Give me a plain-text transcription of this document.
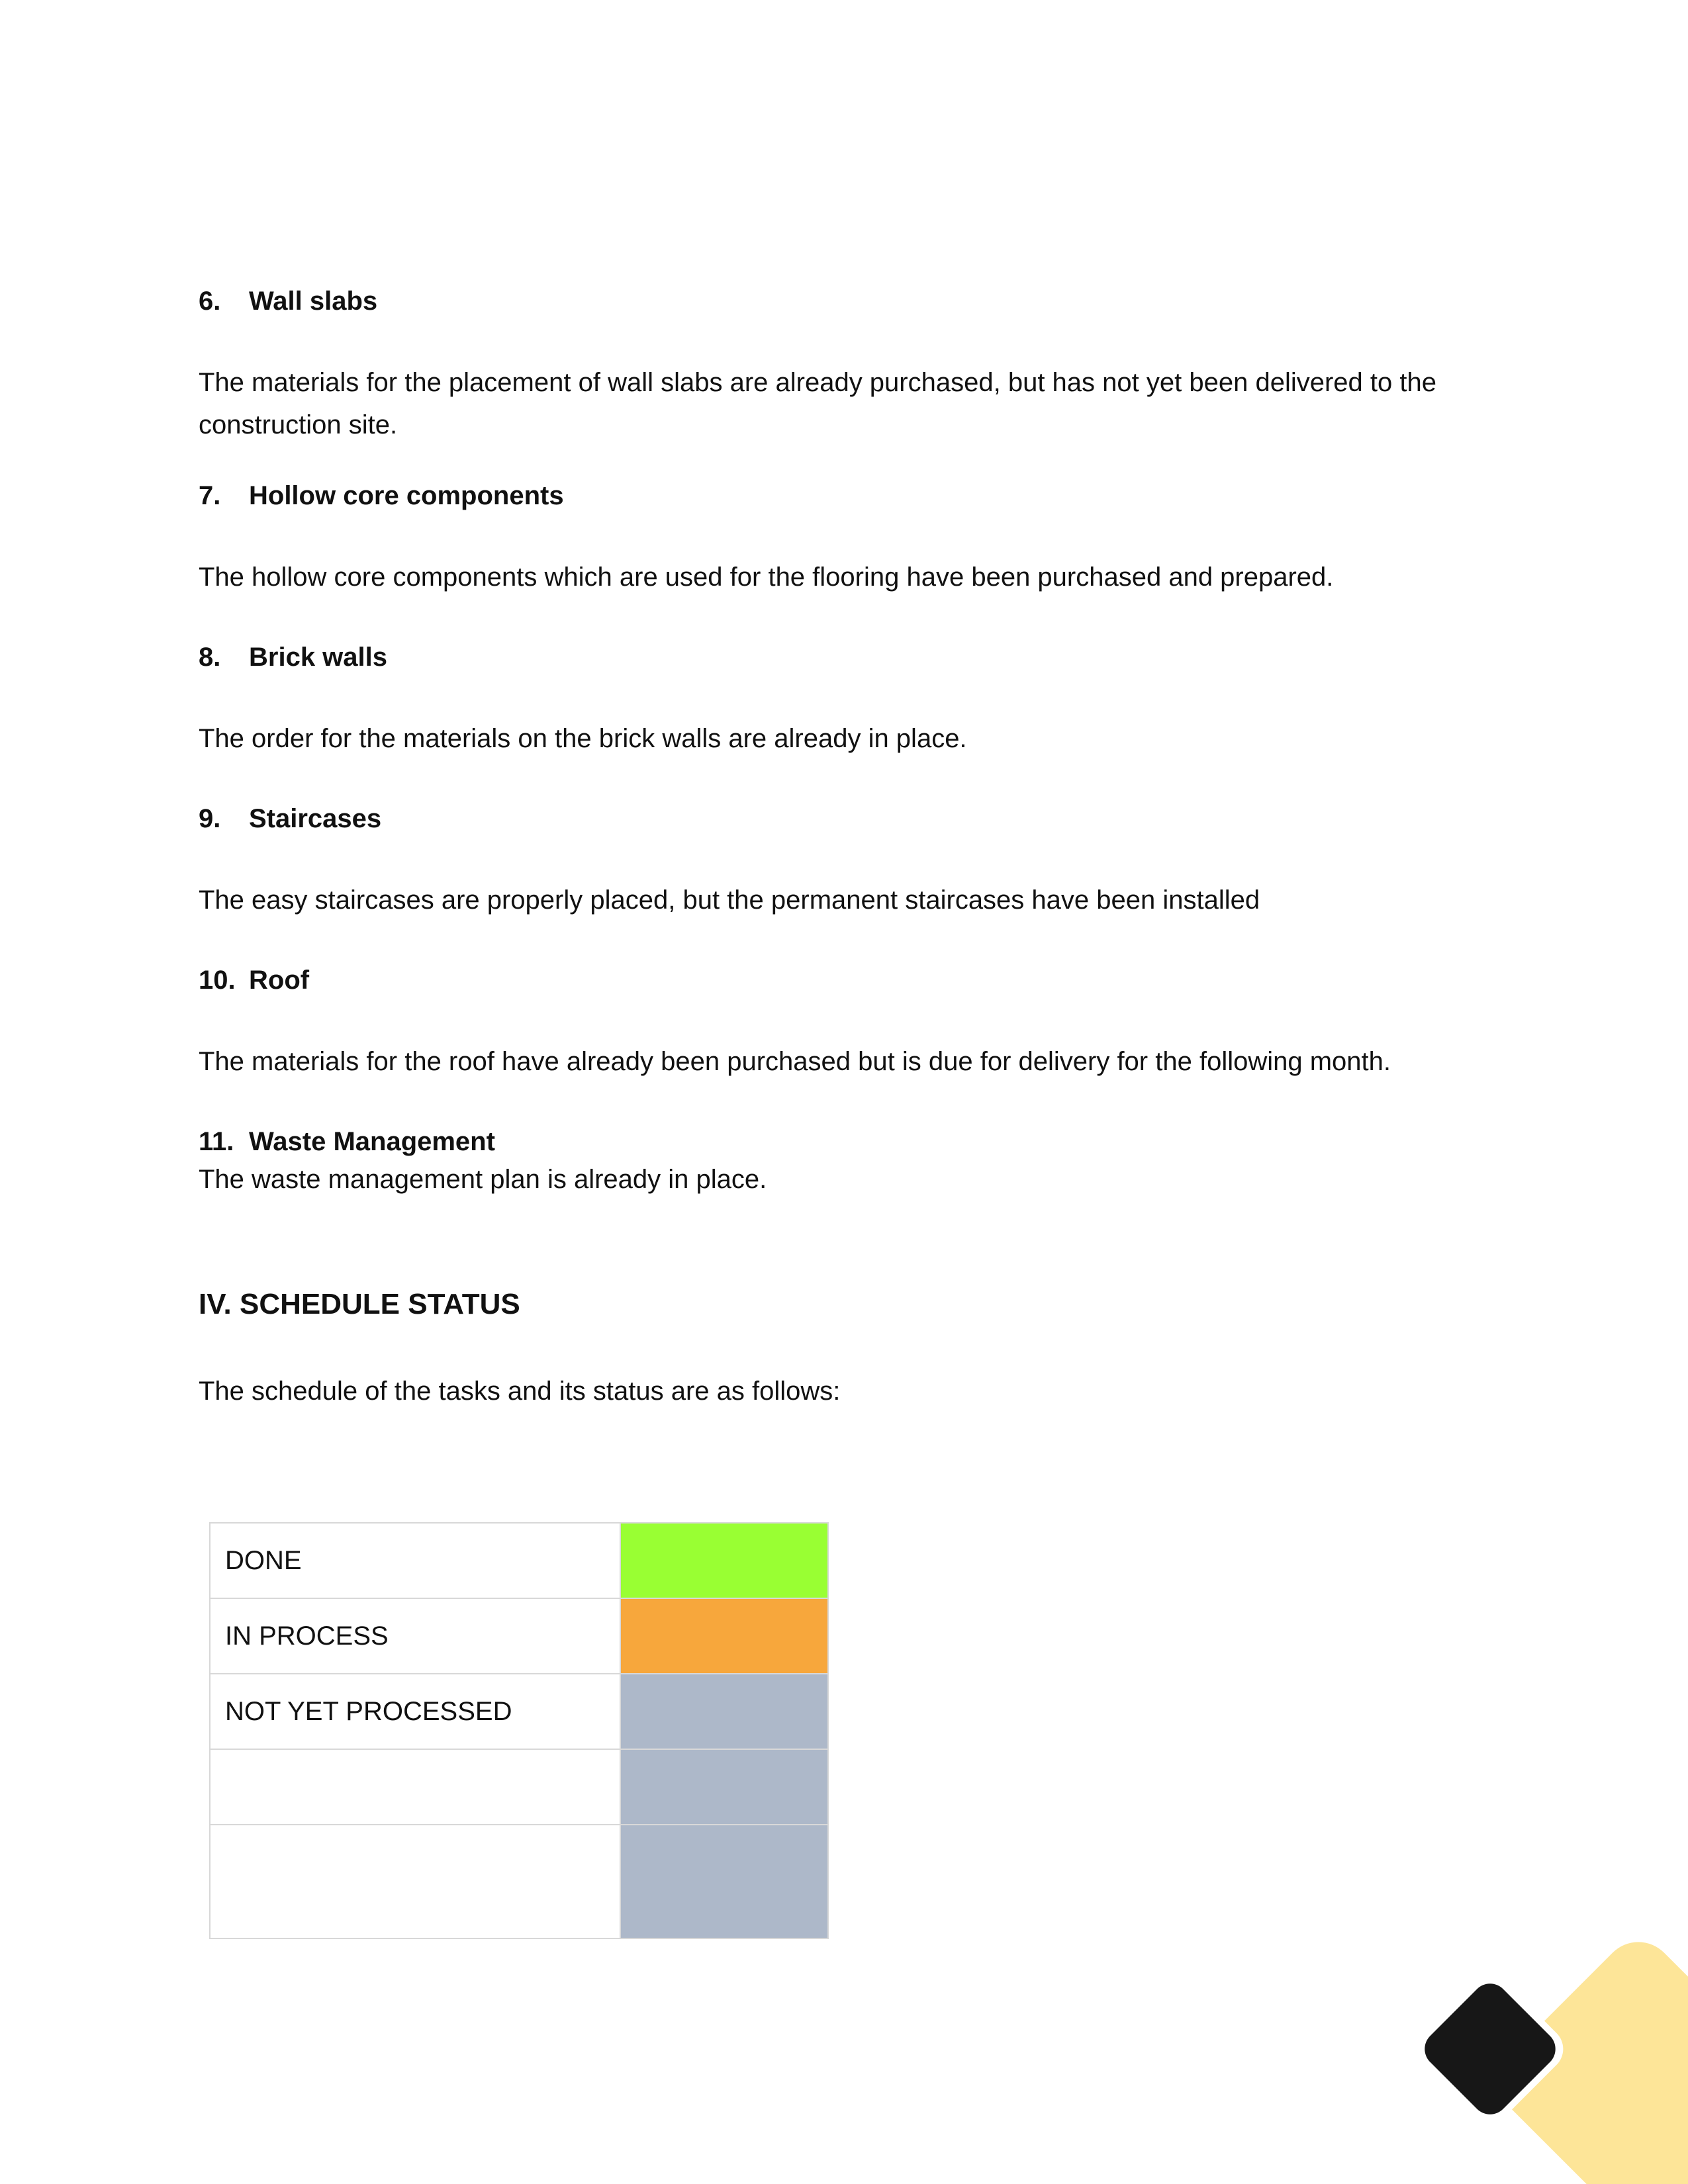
6.	Wall slabs

The materials for the placement of wall slabs are already purchased, but has not yet been delivered to the construction site.

7.	Hollow core components

The hollow core components which are used for the flooring have been purchased and prepared.

8.	Brick walls

The order for the materials on the brick walls are already in place.

9.	Staircases

The easy staircases are properly placed, but the permanent staircases have been installed

10. Roof

The materials for the roof have already been purchased but is due for delivery for the following month.

11. Waste Management

The waste management plan is already in place.

IV. SCHEDULE STATUS

The schedule of the tasks and its status are as follows:

DONE	
IN PROCESS	
NOT YET PROCESSED	
